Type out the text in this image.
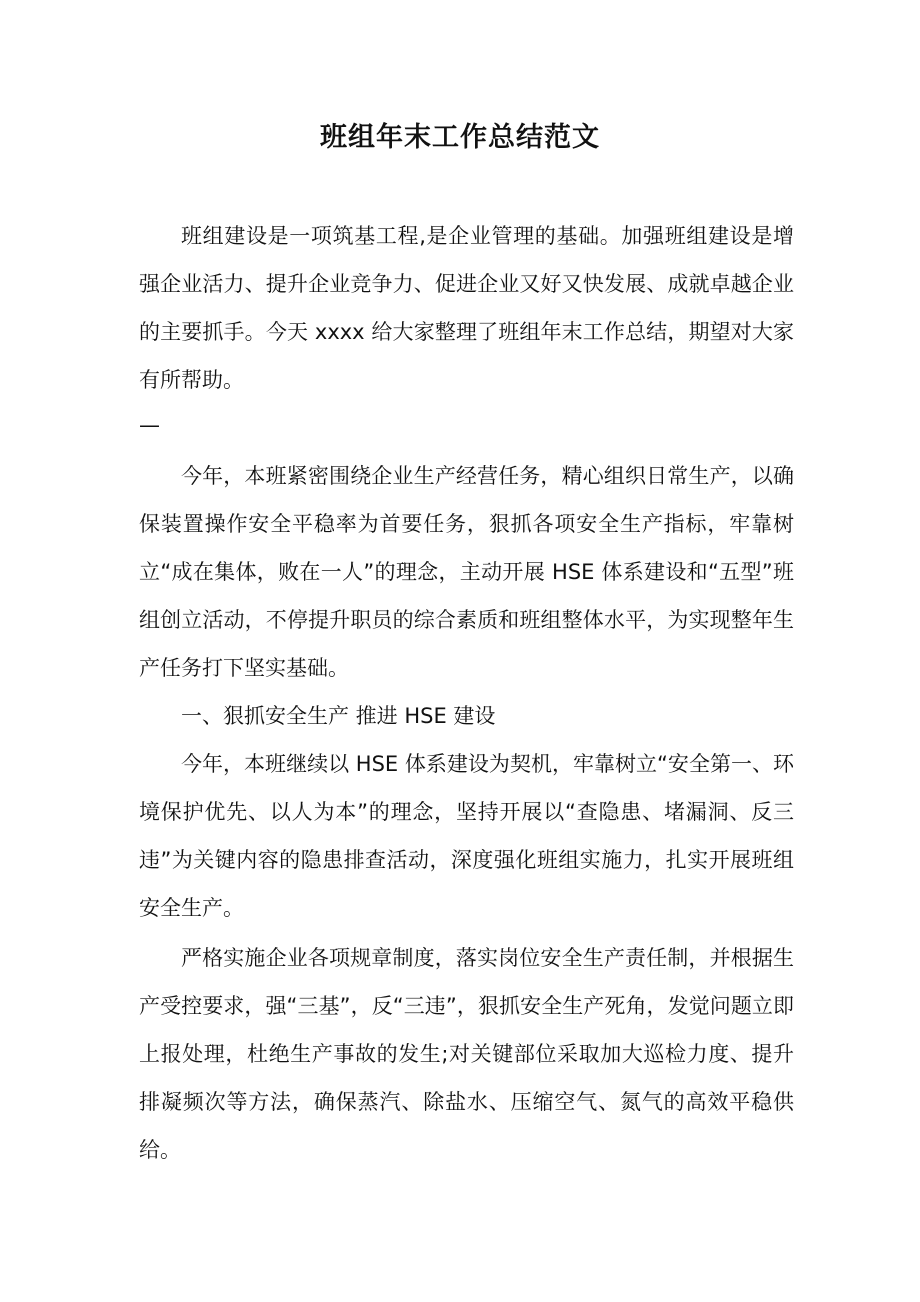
班组年末工作总结范文

班组建设是一项筑基工程,是企业管理的基础。加强班组建设是增强企业活力、提升企业竞争力、促进企业又好又快发展、成就卓越企业的主要抓手。今天 xxxx 给大家整理了班组年末工作总结，期望对大家有所帮助。

—

今年，本班紧密围绕企业生产经营任务，精心组织日常生产，以确保装置操作安全平稳率为首要任务，狠抓各项安全生产指标，牢靠树立“成在集体，败在一人”的理念，主动开展 HSE 体系建设和“五型”班组创立活动，不停提升职员的综合素质和班组整体水平，为实现整年生产任务打下坚实基础。

一、狠抓安全生产 推进 HSE 建设

今年，本班继续以 HSE 体系建设为契机，牢靠树立“安全第一、环境保护优先、以人为本”的理念，坚持开展以“查隐患、堵漏洞、反三违”为关键内容的隐患排查活动，深度强化班组实施力，扎实开展班组安全生产。

严格实施企业各项规章制度，落实岗位安全生产责任制，并根据生产受控要求，强“三基”，反“三违”，狠抓安全生产死角，发觉问题立即上报处理，杜绝生产事故的发生;对关键部位采取加大巡检力度、提升排凝频次等方法，确保蒸汽、除盐水、压缩空气、氮气的高效平稳供给。
